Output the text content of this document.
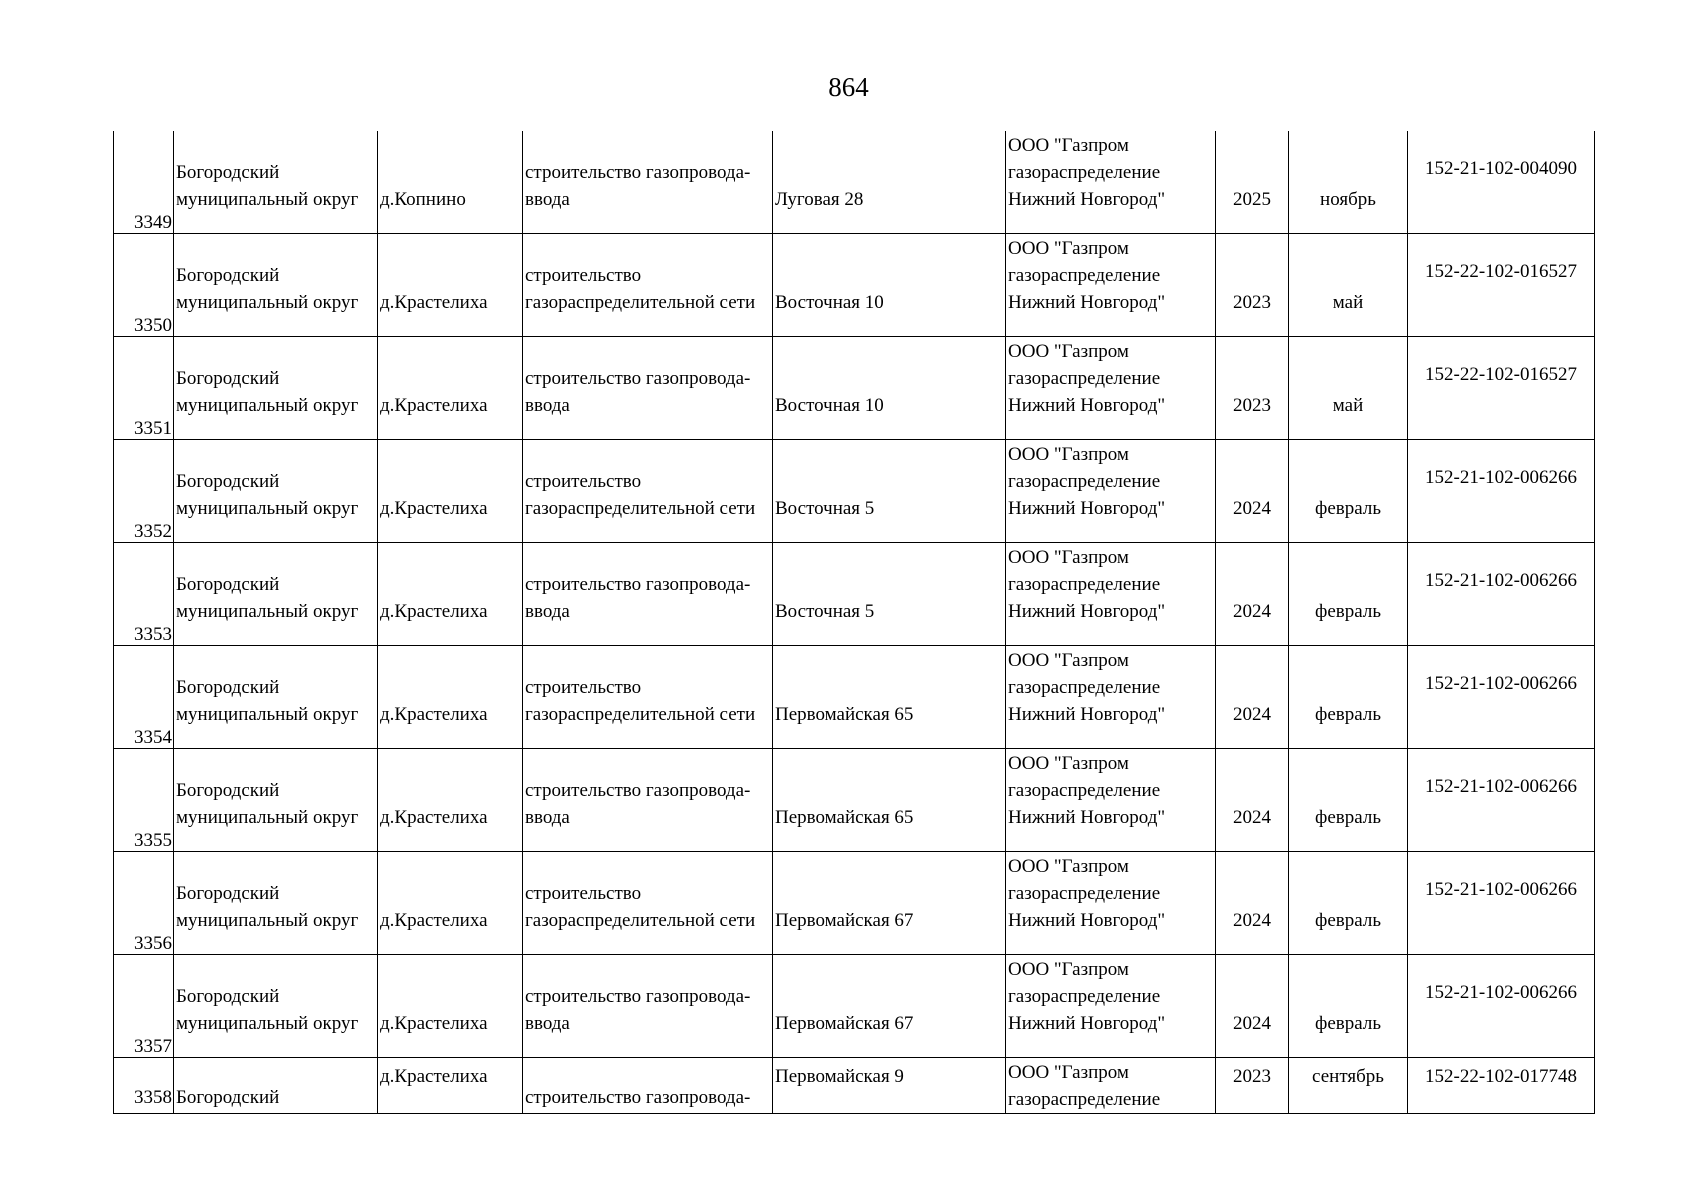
864
3349	Богородский
муниципальный округ	д.Копнино	строительство газопровода-
ввода	Луговая 28	ООО "Газпром
газораспределение
Нижний Новгород"	2025	ноябрь	152-21-102-004090

3350	Богородский
муниципальный округ	д.Крастелиха	строительство
газораспределительной сети	Восточная 10	ООО "Газпром
газораспределение
Нижний Новгород"	2023	май	152-22-102-016527

3351	Богородский
муниципальный округ	д.Крастелиха	строительство газопровода-
ввода	Восточная 10	ООО "Газпром
газораспределение
Нижний Новгород"	2023	май	152-22-102-016527

3352	Богородский
муниципальный округ	д.Крастелиха	строительство
газораспределительной сети	Восточная 5	ООО "Газпром
газораспределение
Нижний Новгород"	2024	февраль	152-21-102-006266

3353	Богородский
муниципальный округ	д.Крастелиха	строительство газопровода-
ввода	Восточная 5	ООО "Газпром
газораспределение
Нижний Новгород"	2024	февраль	152-21-102-006266

3354	Богородский
муниципальный округ	д.Крастелиха	строительство
газораспределительной сети	Первомайская 65	ООО "Газпром
газораспределение
Нижний Новгород"	2024	февраль	152-21-102-006266

3355	Богородский
муниципальный округ	д.Крастелиха	строительство газопровода-
ввода	Первомайская 65	ООО "Газпром
газораспределение
Нижний Новгород"	2024	февраль	152-21-102-006266

3356	Богородский
муниципальный округ	д.Крастелиха	строительство
газораспределительной сети	Первомайская 67	ООО "Газпром
газораспределение
Нижний Новгород"	2024	февраль	152-21-102-006266

3357	Богородский
муниципальный округ	д.Крастелиха	строительство газопровода-
ввода	Первомайская 67	ООО "Газпром
газораспределение
Нижний Новгород"	2024	февраль	152-21-102-006266

3358	Богородский	д.Крастелиха	строительство газопровода-	Первомайская 9	ООО "Газпром
газораспределение	2023	сентябрь	152-22-102-017748
